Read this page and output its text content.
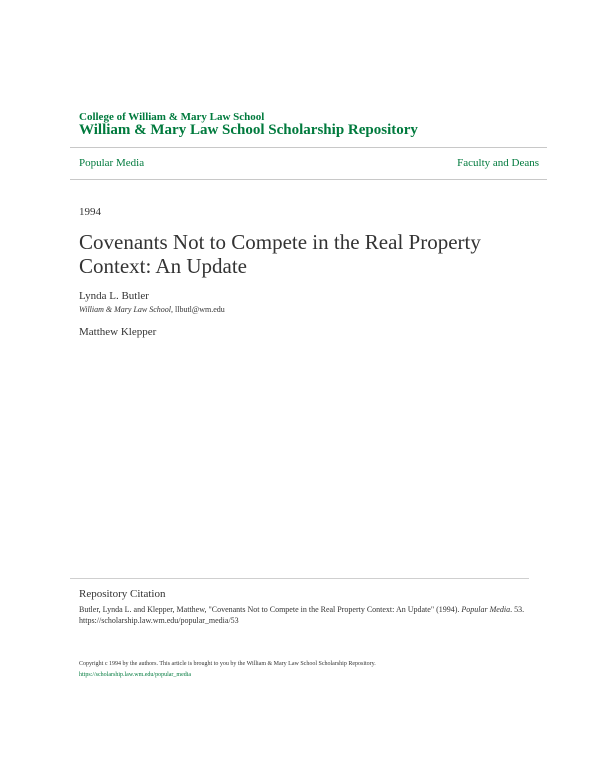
College of William & Mary Law School
William & Mary Law School Scholarship Repository
Popular Media	Faculty and Deans
1994
Covenants Not to Compete in the Real Property Context: An Update
Lynda L. Butler
William & Mary Law School, llbutl@wm.edu
Matthew Klepper
Repository Citation
Butler, Lynda L. and Klepper, Matthew, "Covenants Not to Compete in the Real Property Context: An Update" (1994). Popular Media. 53.
https://scholarship.law.wm.edu/popular_media/53
Copyright c 1994 by the authors. This article is brought to you by the William & Mary Law School Scholarship Repository.
https://scholarship.law.wm.edu/popular_media
